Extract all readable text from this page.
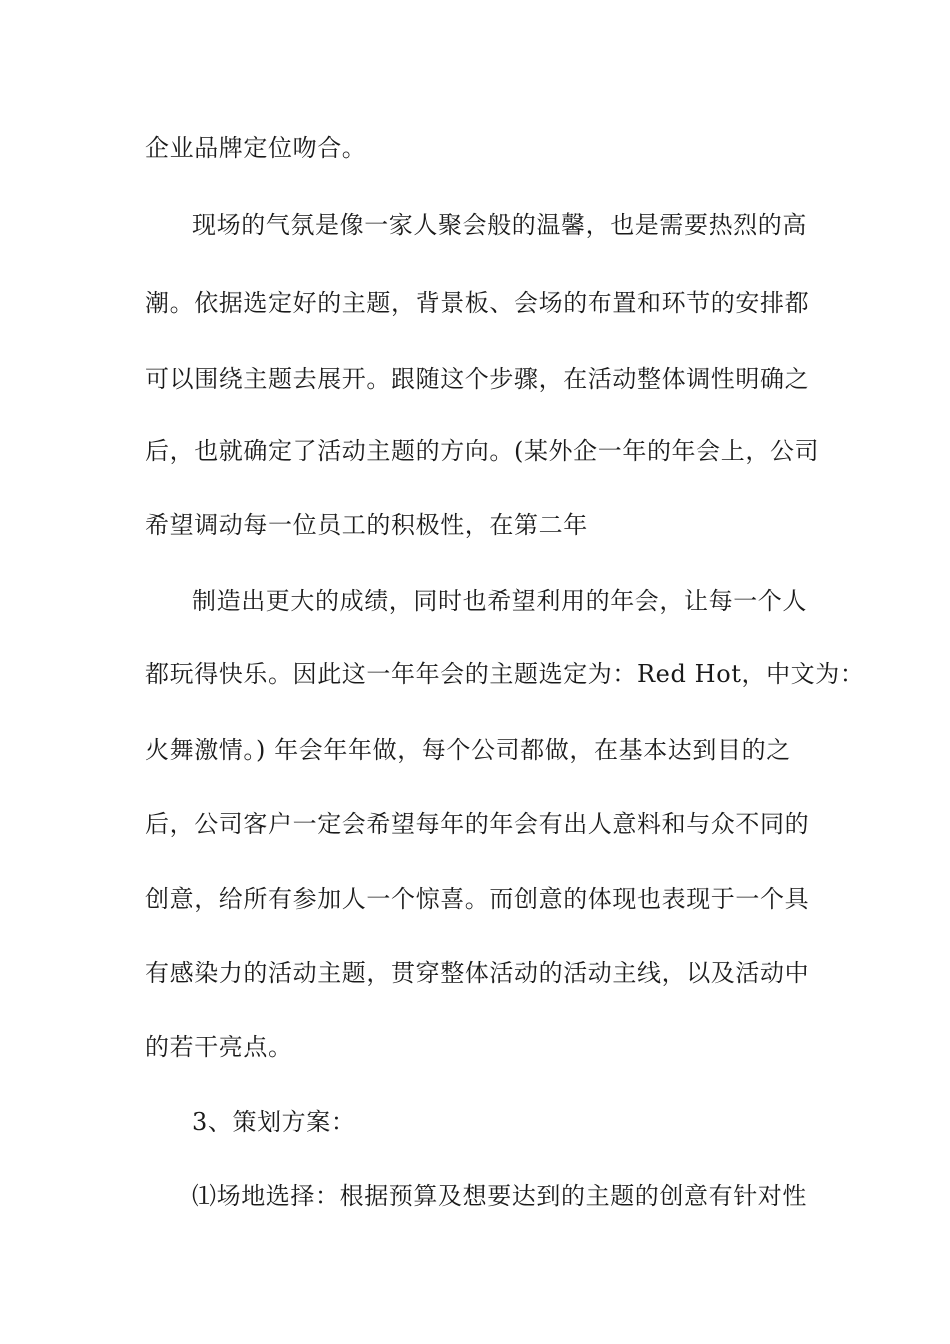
企业品牌定位吻合。
现场的气氛是像一家人聚会般的温馨，也是需要热烈的高
潮。依据选定好的主题，背景板、会场的布置和环节的安排都
可以围绕主题去展开。跟随这个步骤，在活动整体调性明确之
后，也就确定了活动主题的方向。(某外企一年的年会上，公司
希望调动每一位员工的积极性，在第二年
制造出更大的成绩，同时也希望利用的年会，让每一个人
都玩得快乐。因此这一年年会的主题选定为：Red Hot，中文为：
火舞激情。) 年会年年做，每个公司都做，在基本达到目的之
后，公司客户一定会希望每年的年会有出人意料和与众不同的
创意，给所有参加人一个惊喜。而创意的体现也表现于一个具
有感染力的活动主题，贯穿整体活动的活动主线，以及活动中
的若干亮点。
3、策划方案：
⑴场地选择：根据预算及想要达到的主题的创意有针对性
